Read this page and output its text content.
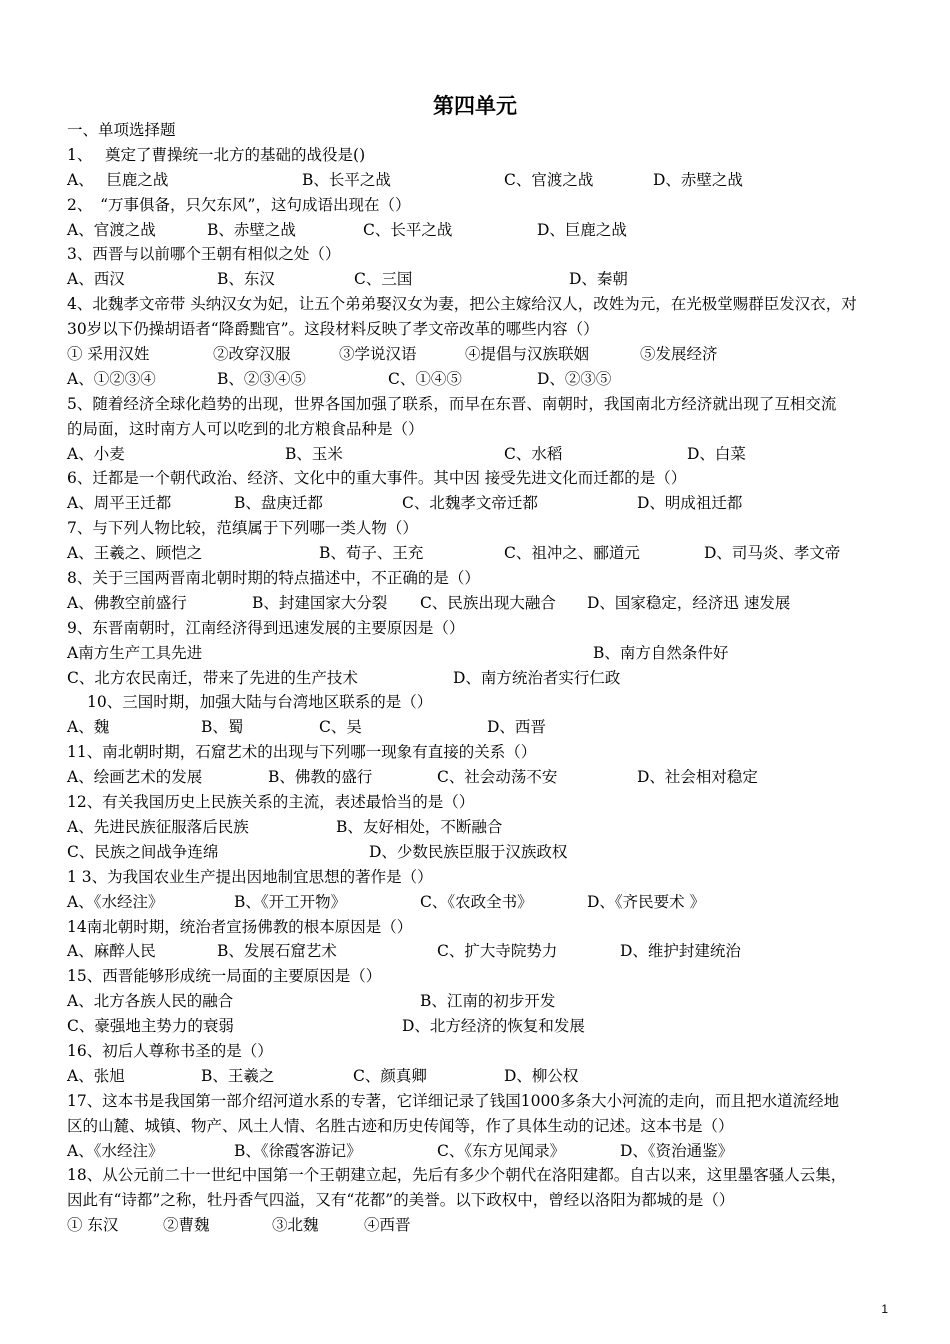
第四单元
一、单项选择题
1、　 奠定了曹操统一北方的基础的战役是()
A、　 巨鹿之战	B、长平之战	C、官渡之战	D、赤壁之战
2、　“万事俱备，只欠东风”，这句成语出现在（）
A、官渡之战	B、赤壁之战	C、长平之战	D、巨鹿之战
3、西晋与以前哪个王朝有相似之处（）
A、西汉	B、东汉	C、三国	D、秦朝
4、北魏孝文帝带 头纳汉女为妃，让五个弟弟娶汉女为妻，把公主嫁给汉人，改姓为元，在光极堂赐群臣发汉衣，对
30岁以下仍操胡语者“降爵黜官”。这段材料反映了孝文帝改革的哪些内容（）
① 采用汉姓	②改穿汉服	③学说汉语	④提倡与汉族联姻	⑤发展经济
A、①②③④	B、②③④⑤	C、①④⑤	D、②③⑤
5、随着经济全球化趋势的出现，世界各国加强了联系，而早在东晋、南朝时，我国南北方经济就出现了互相交流
的局面，这时南方人可以吃到的北方粮食品种是（）
A、小麦	B、玉米	C、水稻	D、白菜
6、迁都是一个朝代政治、经济、文化中的重大事件。其中因 接受先进文化而迁都的是（）
A、周平王迁都	B、盘庚迁都	C、北魏孝文帝迁都	D、明成祖迁都
7、与下列人物比较，范缜属于下列哪一类人物（）
A、王羲之、顾恺之	B、荀子、王充	C、祖冲之、郦道元	D、司马炎、孝文帝
8、关于三国两晋南北朝时期的特点描述中，不正确的是（）
A、佛教空前盛行	B、封建国家大分裂 C、民族出现大融合 D、国家稳定，经济迅 速发展
9、东晋南朝时，江南经济得到迅速发展的主要原因是（）
A南方生产工具先进	B、南方自然条件好
C、北方农民南迁，带来了先进的生产技术	D、南方统治者实行仁政
10、三国时期，加强大陆与台湾地区联系的是（）
A、魏	B、蜀	C、吴	D、西晋
11、南北朝时期，石窟艺术的出现与下列哪一现象有直接的关系（）
A、绘画艺术的发展	B、佛教的盛行	C、社会动荡不安	D、社会相对稳定
12、有关我国历史上民族关系的主流，表述最恰当的是（）
A、先进民族征服落后民族	B、友好相处，不断融合
C、民族之间战争连绵	D、少数民族臣服于汉族政权
1 3、为我国农业生产提出因地制宜思想的著作是（）
A、《水经注》	B、《开工开物》	C、《农政全书》	D、《齐民要术 》
14南北朝时期，统治者宣扬佛教的根本原因是（）
A、麻醉人民	B、发展石窟艺术	C、扩大寺院势力	D、维护封建统治
15、西晋能够形成统一局面的主要原因是（）
A、北方各族人民的融合	B、江南的初步开发
C、豪强地主势力的衰弱	D、北方经济的恢复和发展
16、初后人尊称书圣的是（）
A、张旭	B、王羲之	C、颜真卿	D、柳公权
17、这本书是我国第一部介绍河道水系的专著，它详细记录了钱国1000多条大小河流的走向，而且把水道流经地
区的山麓、城镇、物产、风土人情、名胜古迹和历史传闻等，作了具体生动的记述。这本书是（）
A、《水经注》	B、《徐霞客游记》	C、《东方见闻录》	D、《资治通鉴》
18、从公元前二十一世纪中国第一个王朝建立起，先后有多少个朝代在洛阳建都。自古以来，这里墨客骚人云集，
因此有“诗都”之称，牡丹香气四溢，又有“花都”的美誉。以下政权中，曾经以洛阳为都城的是（）
① 东汉	②曹魏	③北魏	④西晋
1
